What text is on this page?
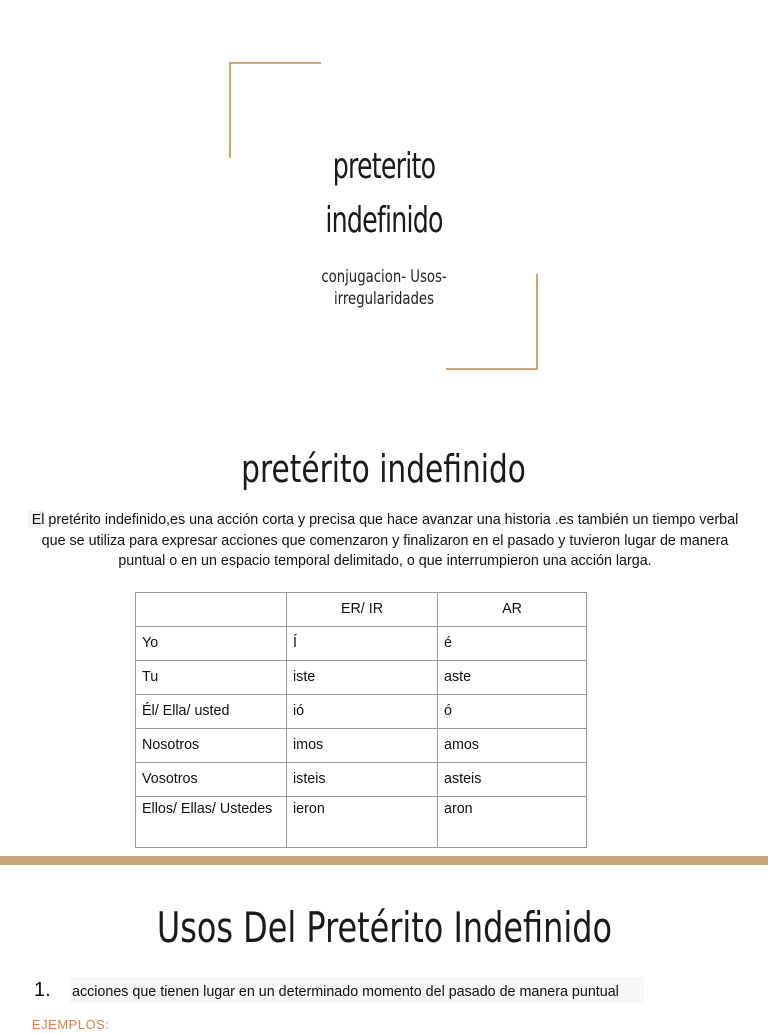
preterito
indefinido
conjugacion- Usos-
irregularidades
pretérito indefinido
El pretérito indefinido,es una acción corta y precisa que hace avanzar una historia .es también un tiempo verbal que se utiliza para expresar acciones que comenzaron y finalizaron en el pasado y tuvieron lugar de manera puntual o en un espacio temporal delimitado, o que interrumpieron una acción larga.
	ER/ IR	AR
Yo	Í	é
Tu	iste	aste
Él/ Ella/ usted	ió	ó
Nosotros	imos	amos
Vosotros	isteis	asteis
Ellos/ Ellas/ Ustedes	ieron	aron
Usos Del Pretérito Indefinido
1. acciones que tienen lugar en un determinado momento del pasado de manera puntual
EJEMPLOS:
